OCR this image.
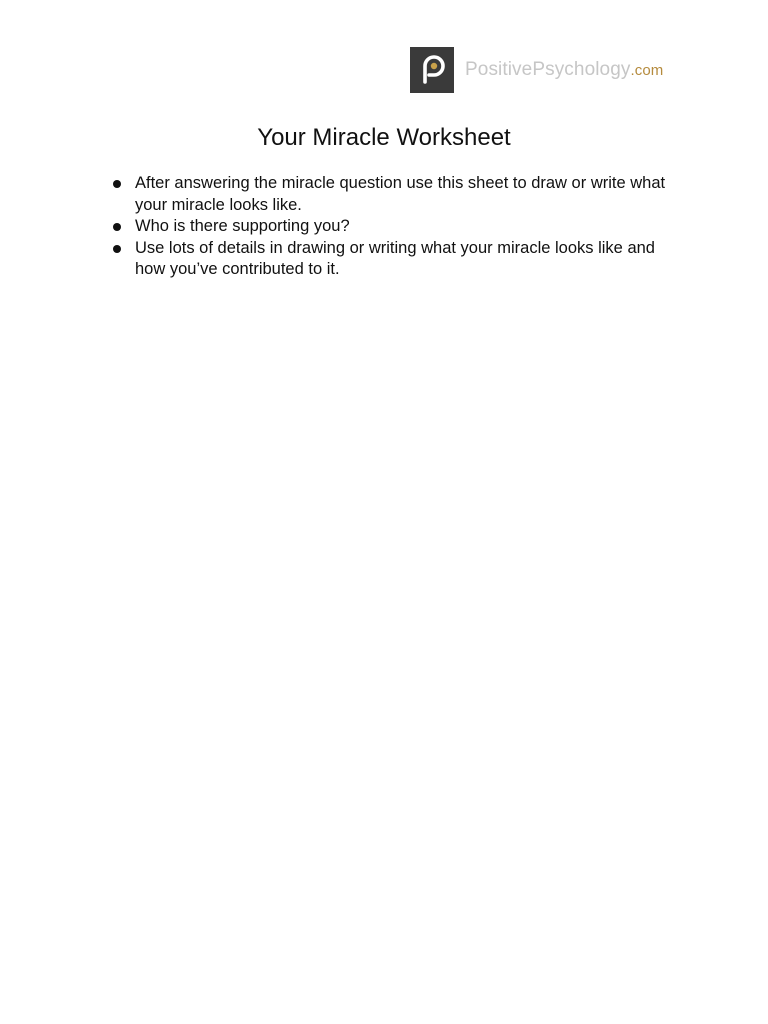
PositivePsychology.com
Your Miracle Worksheet
After answering the miracle question use this sheet to draw or write what your miracle looks like.
Who is there supporting you?
Use lots of details in drawing or writing what your miracle looks like and how you’ve contributed to it.
